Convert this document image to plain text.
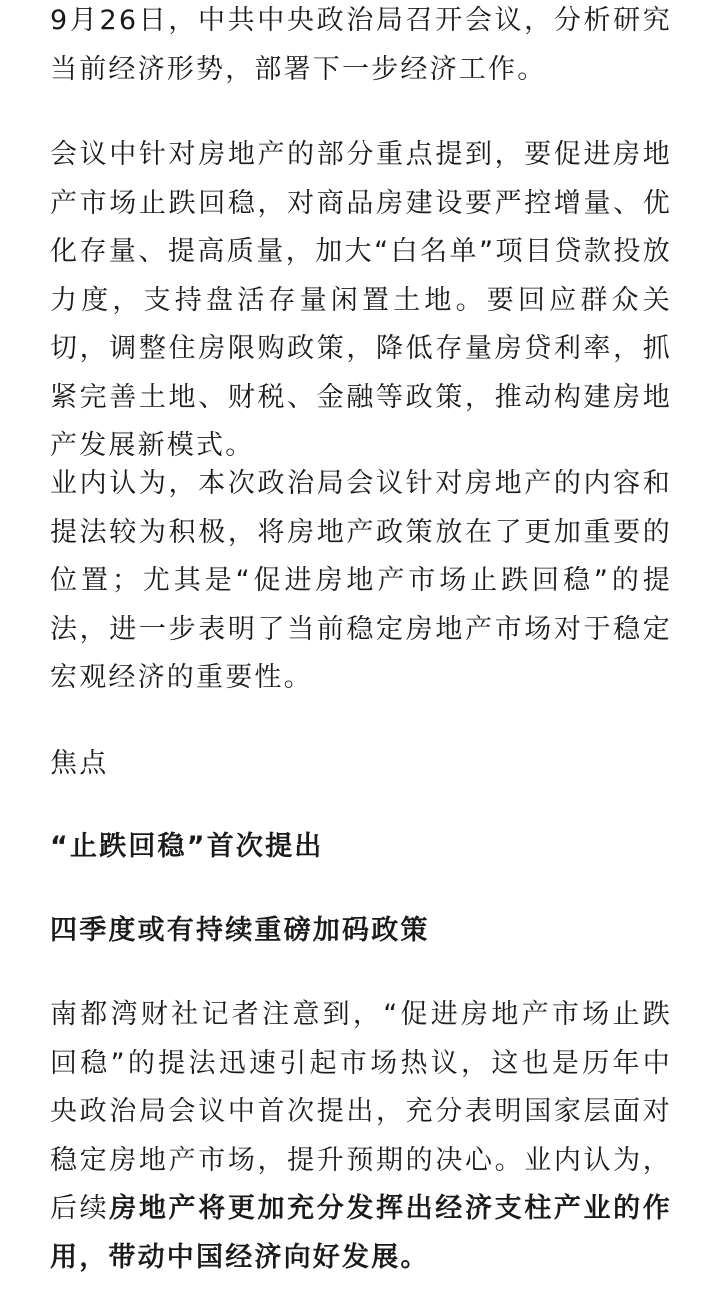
9月26日，中共中央政治局召开会议，分析研究当前经济形势，部署下一步经济工作。

会议中针对房地产的部分重点提到，要促进房地产市场止跌回稳，对商品房建设要严控增量、优化存量、提高质量，加大“白名单”项目贷款投放力度，支持盘活存量闲置土地。要回应群众关切，调整住房限购政策，降低存量房贷利率，抓紧完善土地、财税、金融等政策，推动构建房地产发展新模式。

业内认为，本次政治局会议针对房地产的内容和提法较为积极，将房地产政策放在了更加重要的位置；尤其是“促进房地产市场止跌回稳”的提法，进一步表明了当前稳定房地产市场对于稳定宏观经济的重要性。

焦点

“止跌回稳”首次提出

四季度或有持续重磅加码政策

南都湾财社记者注意到，“促进房地产市场止跌回稳”的提法迅速引起市场热议，这也是历年中央政治局会议中首次提出，充分表明国家层面对稳定房地产市场，提升预期的决心。业内认为，后续房地产将更加充分发挥出经济支柱产业的作用，带动中国经济向好发展。
